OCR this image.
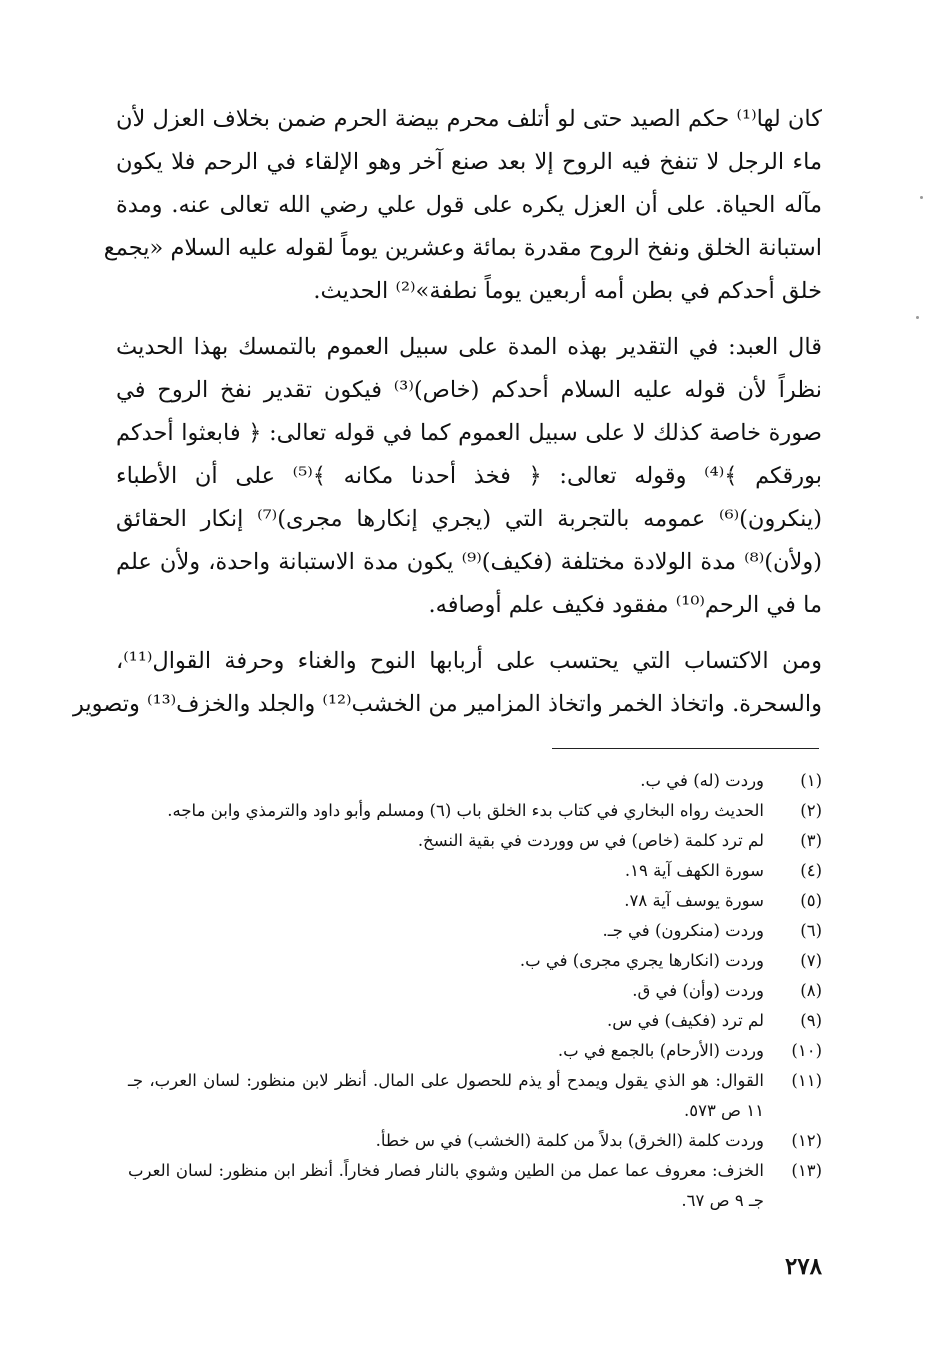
كان لها⁽¹⁾ حكم الصيد حتى لو أتلف محرم بيضة الحرم ضمن بخلاف العزل لأن
ماء الرجل لا تنفخ فيه الروح إلا بعد صنع آخر وهو الإلقاء في الرحم فلا يكون
مآله الحياة. على أن العزل يكره على قول علي رضي الله تعالى عنه. ومدة
استبانة الخلق ونفخ الروح مقدرة بمائة وعشرين يوماً لقوله عليه السلام «يجمع
خلق أحدكم في بطن أمه أربعين يوماً نطفة»⁽²⁾ الحديث.

قال العبد: في التقدير بهذه المدة على سبيل العموم بالتمسك بهذا الحديث
نظراً لأن قوله عليه السلام أحدكم (خاص)⁽³⁾ فيكون تقدير نفخ الروح في
صورة خاصة كذلك لا على سبيل العموم كما في قوله تعالى: ﴿ فابعثوا أحدكم
بورقكم ﴾⁽⁴⁾ وقوله تعالى: ﴿ فخذ أحدنا مكانه ﴾⁽⁵⁾ على أن الأطباء
(ينكرون)⁽⁶⁾ عمومه بالتجربة التي (يجري إنكارها مجرى)⁽⁷⁾ إنكار الحقائق
(ولأن)⁽⁸⁾ مدة الولادة مختلفة (فكيف)⁽⁹⁾ يكون مدة الاستبانة واحدة، ولأن علم
ما في الرحم⁽¹⁰⁾ مفقود فكيف علم أوصافه.

ومن الاكتساب التي يحتسب على أربابها النوح والغناء وحرفة القوال⁽¹¹⁾،
والسحرة. واتخاذ الخمر واتخاذ المزامير من الخشب⁽¹²⁾ والجلد والخزف⁽¹³⁾ وتصوير

(١)
وردت (له) في ب.
(٢)
الحديث رواه البخاري في كتاب بدء الخلق باب (٦) ومسلم وأبو داود والترمذي وابن ماجه.
(٣)
لم ترد كلمة (خاص) في س ووردت في بقية النسخ.
(٤)
سورة الكهف آية ١٩.
(٥)
سورة يوسف آية ٧٨.
(٦)
وردت (منكرون) في جـ.
(٧)
وردت (انكارها يجري مجرى) في ب.
(٨)
وردت (وأن) في ق.
(٩)
لم ترد (فكيف) في س.
(١٠)
وردت (الأرحام) بالجمع في ب.
(١١)
القوال: هو الذي يقول ويمدح أو يذم للحصول على المال. أنظر لابن منظور: لسان العرب، جـ ١١ ص ٥٧٣.
(١٢)
وردت كلمة (الخرق) بدلاً من كلمة (الخشب) في س خطأ.
(١٣)
الخزف: معروف عما عمل من الطين وشوي بالنار فصار فخاراً. أنظر ابن منظور: لسان العرب جـ ٩ ص ٦٧.
٢٧٨
